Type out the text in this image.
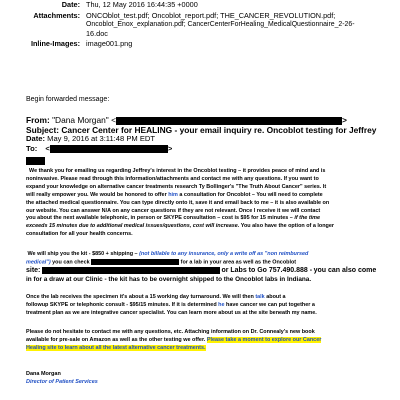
Date: Thu, 12 May 2016 16:44:35 +0000
Attachments: ONCOblot_test.pdf; Oncoblot_report.pdf; THE_CANCER_REVOLUTION.pdf;
Oncoblot_Enox_explanation.pdf; CancerCenterForHealing_MedicalQuestionnaire_2-26-
16.doc
Inline-Images: image001.png
Begin forwarded message:
From: "Dana Morgan" <	>
Subject: Cancer Center for HEALING - your email inquiry re. Oncoblot testing for Jeffrey
Date: May 9, 2016 at 3:11:48 PM EDT
To: <	>
We thank you for emailing us regarding Jeffrey's interest in the Oncoblot testing – it provides peace of mind and is
noninvasive. Please read through this information/attachments and contact me with any questions. If you want to
expand your knowledge on alternative cancer treatments research Ty Bollinger's "The Truth About Cancer" series. It
will really empower you. We would be honored to offer him a consultation for Oncoblot – You will need to complete
the attached medical questionnaire. You can type directly onto it, save it and email back to me – it is also available on
our website. You can answer N/A on any cancer questions if they are not relevant. Once I receive it we will contact
you about the next available telephonic, in person or SKYPE consultation – cost is $95 for 15 minutes – if the time
exceeds 15 minutes due to additional medical issues/questions, cost will increase. You also have the option of a longer
consultation for all your health concerns.
We will ship you the kit - $850 + shipping – (not billable to any insurance, only a write off as "non reimbursed
medical") you can check	for a lab in your area as well as the Oncoblot
site:	or Labs to Go 757.490.888 - you can also come
in for a draw at our Clinic - the kit has to be overnight shipped to the Oncoblot labs in Indiana.
Once the lab receives the specimen it's about a 15 working day turnaround. We will then talk about a
followup SKYPE or telephonic consult - $95/15 minutes. If it is determined he have cancer we can put together a
treatment plan as we are integrative cancer specialist. You can learn more about us at the site beneath my name.
Please do not hesitate to contact me with any questions, etc. Attaching information on Dr. Connealy's new book
available for pre-sale on Amazon as well as the other testing we offer. Please take a moment to explore our Cancer
Healing site to learn about all the latest alternative cancer treatments.
Dana Morgan
Director of Patient Services
